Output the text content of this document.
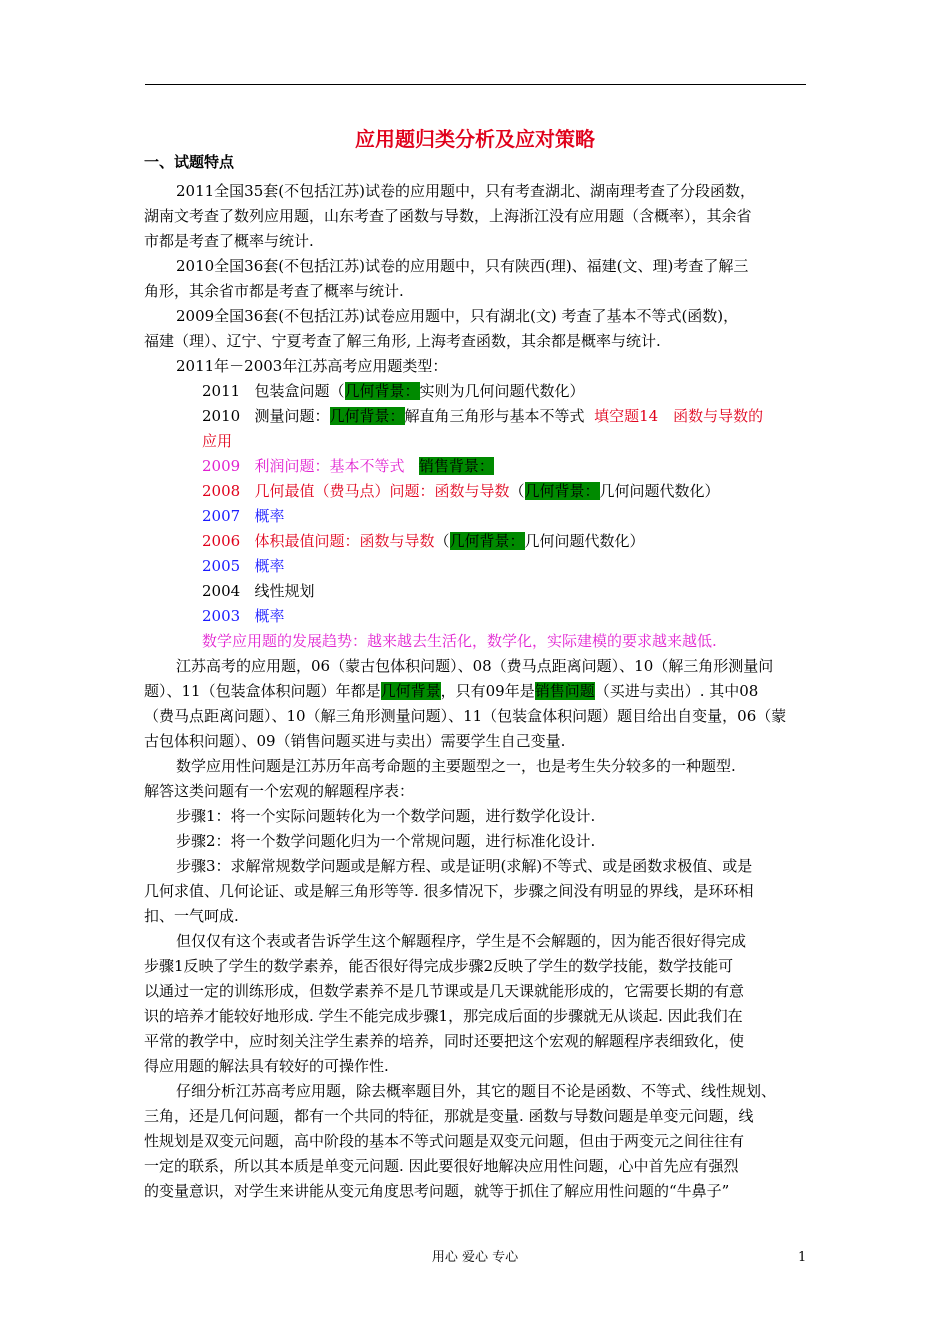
应用题归类分析及应对策略
一、试题特点
2011全国35套(不包括江苏)试卷的应用题中，只有考查湖北、湖南理考查了分段函数，
湖南文考查了数列应用题，山东考查了函数与导数，上海浙江没有应用题（含概率），其余省
市都是考查了概率与统计.
2010全国36套(不包括江苏)试卷的应用题中，只有陕西(理)、福建(文、理)考查了解三
角形，其余省市都是考查了概率与统计.
2009全国36套(不包括江苏)试卷应用题中，只有湖北(文) 考查了基本不等式(函数)，
福建（理）、辽宁、宁夏考查了解三角形, 上海考查函数，其余都是概率与统计.
2011年－2003年江苏高考应用题类型：
2011 包装盒问题（几何背景：实则为几何问题代数化）
2010 测量问题：几何背景：解直角三角形与基本不等式 填空题14　函数与导数的
应用
2009 利润问题：基本不等式 销售背景：
2008 几何最值（费马点）问题：函数与导数（几何背景：几何问题代数化）
2007 概率
2006 体积最值问题：函数与导数（几何背景：几何问题代数化）
2005 概率
2004 线性规划
2003 概率
数学应用题的发展趋势：越来越去生活化，数学化，实际建模的要求越来越低.
江苏高考的应用题，06（蒙古包体积问题）、08（费马点距离问题）、10（解三角形测量问
题）、11（包装盒体积问题）年都是几何背景，只有09年是销售问题（买进与卖出）. 其中08
（费马点距离问题）、10（解三角形测量问题）、11（包装盒体积问题）题目给出自变量，06（蒙
古包体积问题）、09（销售问题买进与卖出）需要学生自己变量.
数学应用性问题是江苏历年高考命题的主要题型之一，也是考生失分较多的一种题型.
解答这类问题有一个宏观的解题程序表：
步骤1：将一个实际问题转化为一个数学问题，进行数学化设计.
步骤2：将一个数学问题化归为一个常规问题，进行标准化设计.
步骤3：求解常规数学问题或是解方程、或是证明(求解)不等式、或是函数求极值、或是
几何求值、几何论证、或是解三角形等等. 很多情况下，步骤之间没有明显的界线，是环环相
扣、一气呵成.
但仅仅有这个表或者告诉学生这个解题程序，学生是不会解题的，因为能否很好得完成
步骤1反映了学生的数学素养，能否很好得完成步骤2反映了学生的数学技能，数学技能可
以通过一定的训练形成，但数学素养不是几节课或是几天课就能形成的，它需要长期的有意
识的培养才能较好地形成. 学生不能完成步骤1，那完成后面的步骤就无从谈起. 因此我们在
平常的教学中，应时刻关注学生素养的培养，同时还要把这个宏观的解题程序表细致化，使
得应用题的解法具有较好的可操作性.
仔细分析江苏高考应用题，除去概率题目外，其它的题目不论是函数、不等式、线性规划、
三角，还是几何问题，都有一个共同的特征，那就是变量. 函数与导数问题是单变元问题，线
性规划是双变元问题，高中阶段的基本不等式问题是双变元问题，但由于两变元之间往往有
一定的联系，所以其本质是单变元问题. 因此要很好地解决应用性问题，心中首先应有强烈
的变量意识，对学生来讲能从变元角度思考问题，就等于抓住了解应用性问题的“牛鼻子”
用心 爱心 专心	1
